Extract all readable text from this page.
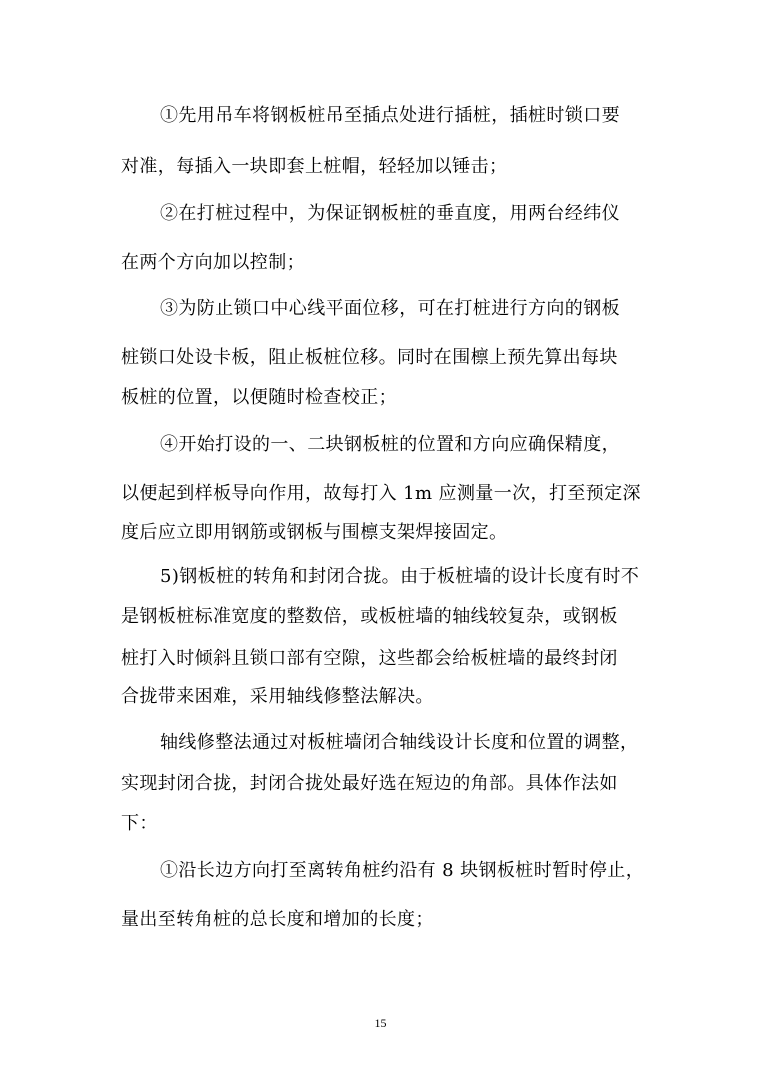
①先用吊车将钢板桩吊至插点处进行插桩，插桩时锁口要
对准，每插入一块即套上桩帽，轻轻加以锤击；
②在打桩过程中，为保证钢板桩的垂直度，用两台经纬仪
在两个方向加以控制；
③为防止锁口中心线平面位移，可在打桩进行方向的钢板
桩锁口处设卡板，阻止板桩位移。同时在围檩上预先算出每块
板桩的位置，以便随时检查校正；
④开始打设的一、二块钢板桩的位置和方向应确保精度，
以便起到样板导向作用，故每打入 1m 应测量一次，打至预定深
度后应立即用钢筋或钢板与围檩支架焊接固定。
5)钢板桩的转角和封闭合拢。由于板桩墙的设计长度有时不
是钢板桩标准宽度的整数倍，或板桩墙的轴线较复杂，或钢板
桩打入时倾斜且锁口部有空隙，这些都会给板桩墙的最终封闭
合拢带来困难，采用轴线修整法解决。
轴线修整法通过对板桩墙闭合轴线设计长度和位置的调整，
实现封闭合拢，封闭合拢处最好选在短边的角部。具体作法如
下：
①沿长边方向打至离转角桩约沿有 8 块钢板桩时暂时停止，
量出至转角桩的总长度和增加的长度；
15
